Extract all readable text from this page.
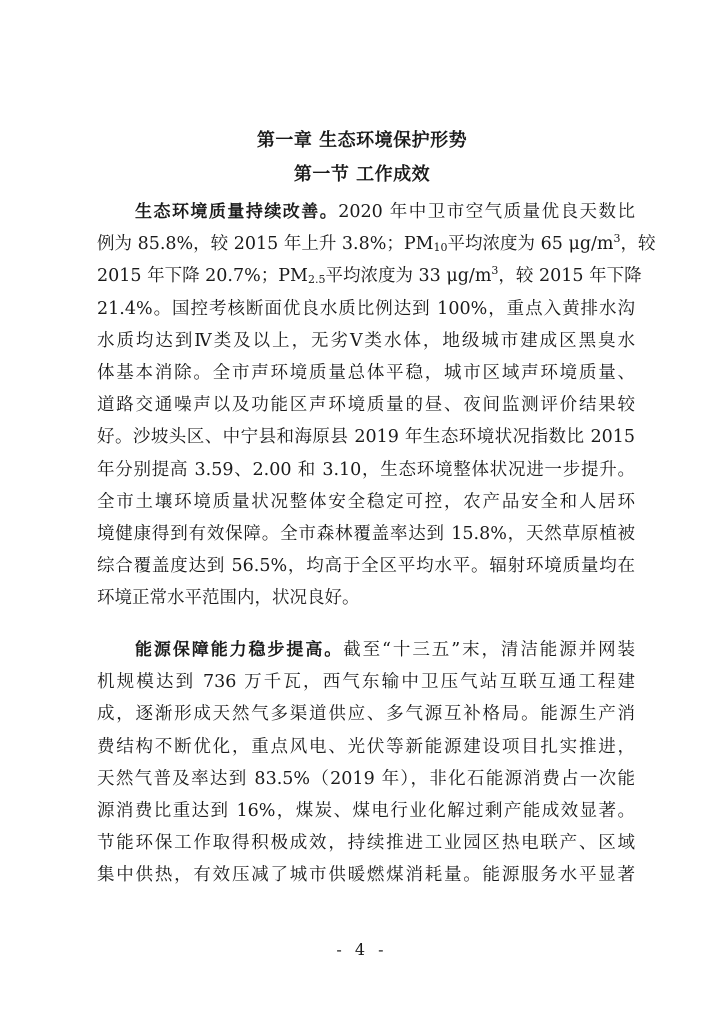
第一章 生态环境保护形势
第一节 工作成效
生态环境质量持续改善。2020 年中卫市空气质量优良天数比
例为 85.8%，较 2015 年上升 3.8%；$PM_{10}$平均浓度为 65 $\mu g/m^3$，较
2015 年下降 20.7%；$PM_{2.5}$平均浓度为 33 $\mu g/m^3$，较 2015 年下降
21.4%。国控考核断面优良水质比例达到 100%，重点入黄排水沟
水质均达到Ⅳ类及以上，无劣Ⅴ类水体，地级城市建成区黑臭水
体基本消除。全市声环境质量总体平稳，城市区域声环境质量、
道路交通噪声以及功能区声环境质量的昼、夜间监测评价结果较
好。沙坡头区、中宁县和海原县 2019 年生态环境状况指数比 2015
年分别提高 3.59、2.00 和 3.10，生态环境整体状况进一步提升。
全市土壤环境质量状况整体安全稳定可控，农产品安全和人居环
境健康得到有效保障。全市森林覆盖率达到 15.8%，天然草原植被
综合覆盖度达到 56.5%，均高于全区平均水平。辐射环境质量均在
环境正常水平范围内，状况良好。
能源保障能力稳步提高。截至“十三五”末，清洁能源并网装
机规模达到 736 万千瓦，西气东输中卫压气站互联互通工程建
成，逐渐形成天然气多渠道供应、多气源互补格局。能源生产消
费结构不断优化，重点风电、光伏等新能源建设项目扎实推进，
天然气普及率达到 83.5%（2019 年），非化石能源消费占一次能
源消费比重达到 16%，煤炭、煤电行业化解过剩产能成效显著。
节能环保工作取得积极成效，持续推进工业园区热电联产、区域
集中供热，有效压减了城市供暖燃煤消耗量。能源服务水平显著
- 4 -
